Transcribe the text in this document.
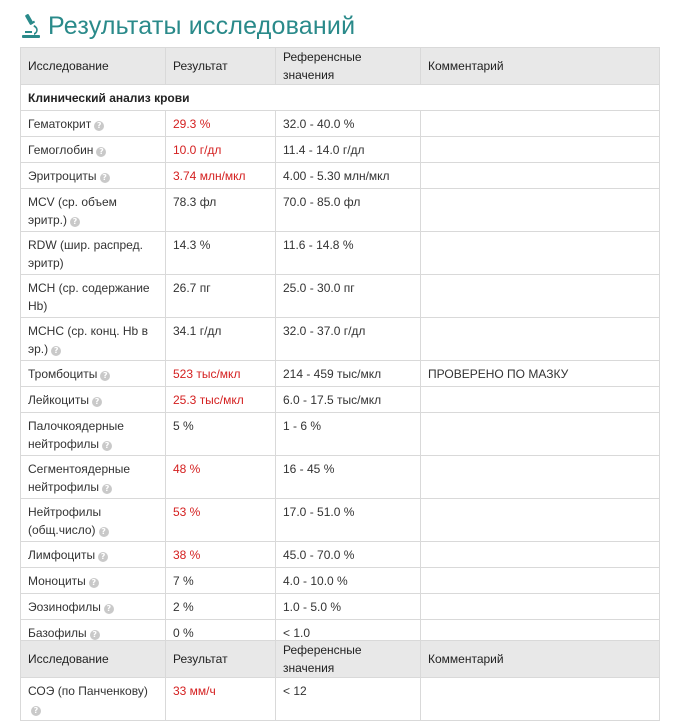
Результаты исследований
Исследование	Результат	Референсные значения	Комментарий
Клинический анализ крови			
Гематокрит ?	29.3 %	32.0 - 40.0 %	
Гемоглобин ?	10.0 г/дл	11.4 - 14.0 г/дл	
Эритроциты ?	3.74 млн/мкл	4.00 - 5.30 млн/мкл	
MCV (ср. объем эритр.) ?	78.3 фл	70.0 - 85.0 фл	
RDW (шир. распред. эритр)	14.3 %	11.6 - 14.8 %	
MCH (ср. содержание Hb)	26.7 пг	25.0 - 30.0 пг	
MCHC (ср. конц. Hb в эр.) ?	34.1 г/дл	32.0 - 37.0 г/дл	
Тромбоциты ?	523 тыс/мкл	214 - 459 тыс/мкл	ПРОВЕРЕНО ПО МАЗКУ
Лейкоциты ?	25.3 тыс/мкл	6.0 - 17.5 тыс/мкл	
Палочкоядерные нейтрофилы ?	5 %	1 - 6 %	
Сегментоядерные нейтрофилы ?	48 %	16 - 45 %	
Нейтрофилы (общ.число) ?	53 %	17.0 - 51.0 %	
Лимфоциты ?	38 %	45.0 - 70.0 %	
Моноциты ?	7 %	4.0 - 10.0 %	
Эозинофилы ?	2 %	1.0 - 5.0 %	
Базофилы ?	0 %	< 1.0	
Исследование	Результат	Референсные значения	Комментарий
СОЭ (по Панченкову)?	33 мм/ч	< 12	
